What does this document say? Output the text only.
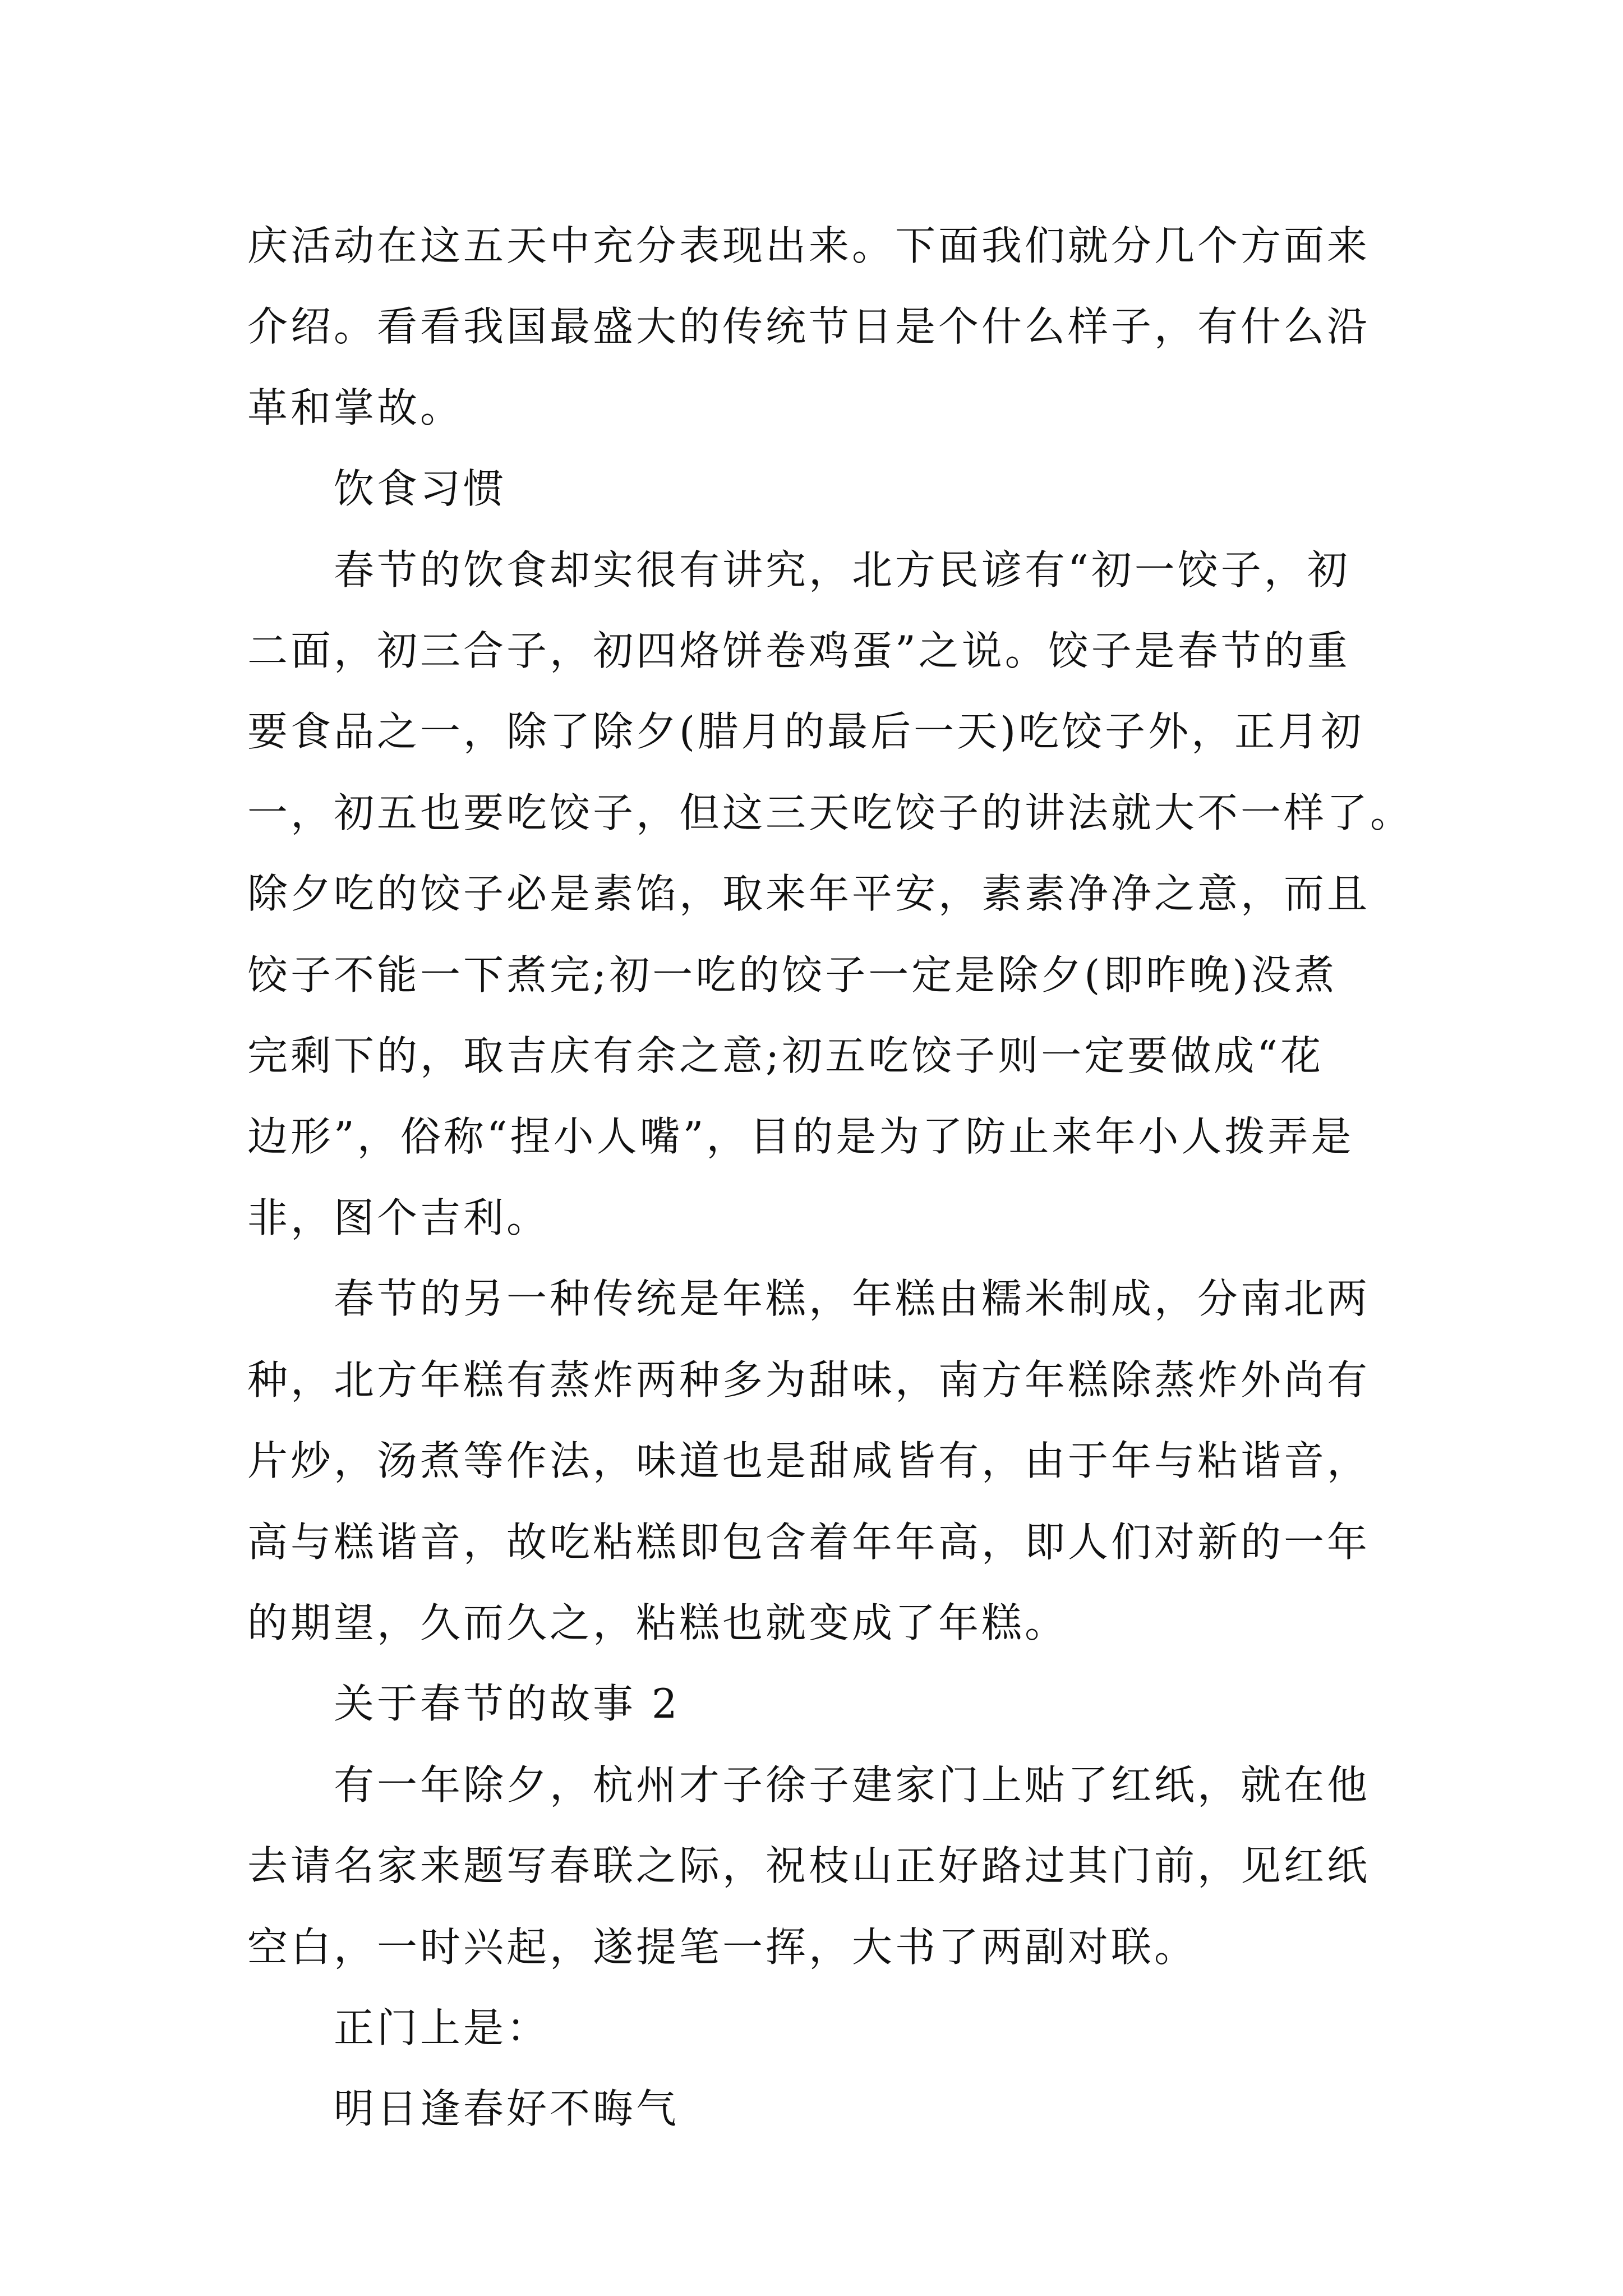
庆活动在这五天中充分表现出来。下面我们就分几个方面来
介绍。看看我国最盛大的传统节日是个什么样子，有什么沿
革和掌故。

饮食习惯

春节的饮食却实很有讲究，北方民谚有“初一饺子，初
二面，初三合子，初四烙饼卷鸡蛋”之说。饺子是春节的重
要食品之一，除了除夕(腊月的最后一天)吃饺子外，正月初
一，初五也要吃饺子，但这三天吃饺子的讲法就大不一样了。
除夕吃的饺子必是素馅，取来年平安，素素净净之意，而且
饺子不能一下煮完;初一吃的饺子一定是除夕(即昨晚)没煮
完剩下的，取吉庆有余之意;初五吃饺子则一定要做成“花
边形”，俗称“捏小人嘴”，目的是为了防止来年小人拨弄是
非，图个吉利。

春节的另一种传统是年糕，年糕由糯米制成，分南北两
种，北方年糕有蒸炸两种多为甜味，南方年糕除蒸炸外尚有
片炒，汤煮等作法，味道也是甜咸皆有，由于年与粘谐音，
高与糕谐音，故吃粘糕即包含着年年高，即人们对新的一年
的期望，久而久之，粘糕也就变成了年糕。

关于春节的故事 2

有一年除夕，杭州才子徐子建家门上贴了红纸，就在他
去请名家来题写春联之际，祝枝山正好路过其门前，见红纸
空白，一时兴起，遂提笔一挥，大书了两副对联。

正门上是：

明日逢春好不晦气
